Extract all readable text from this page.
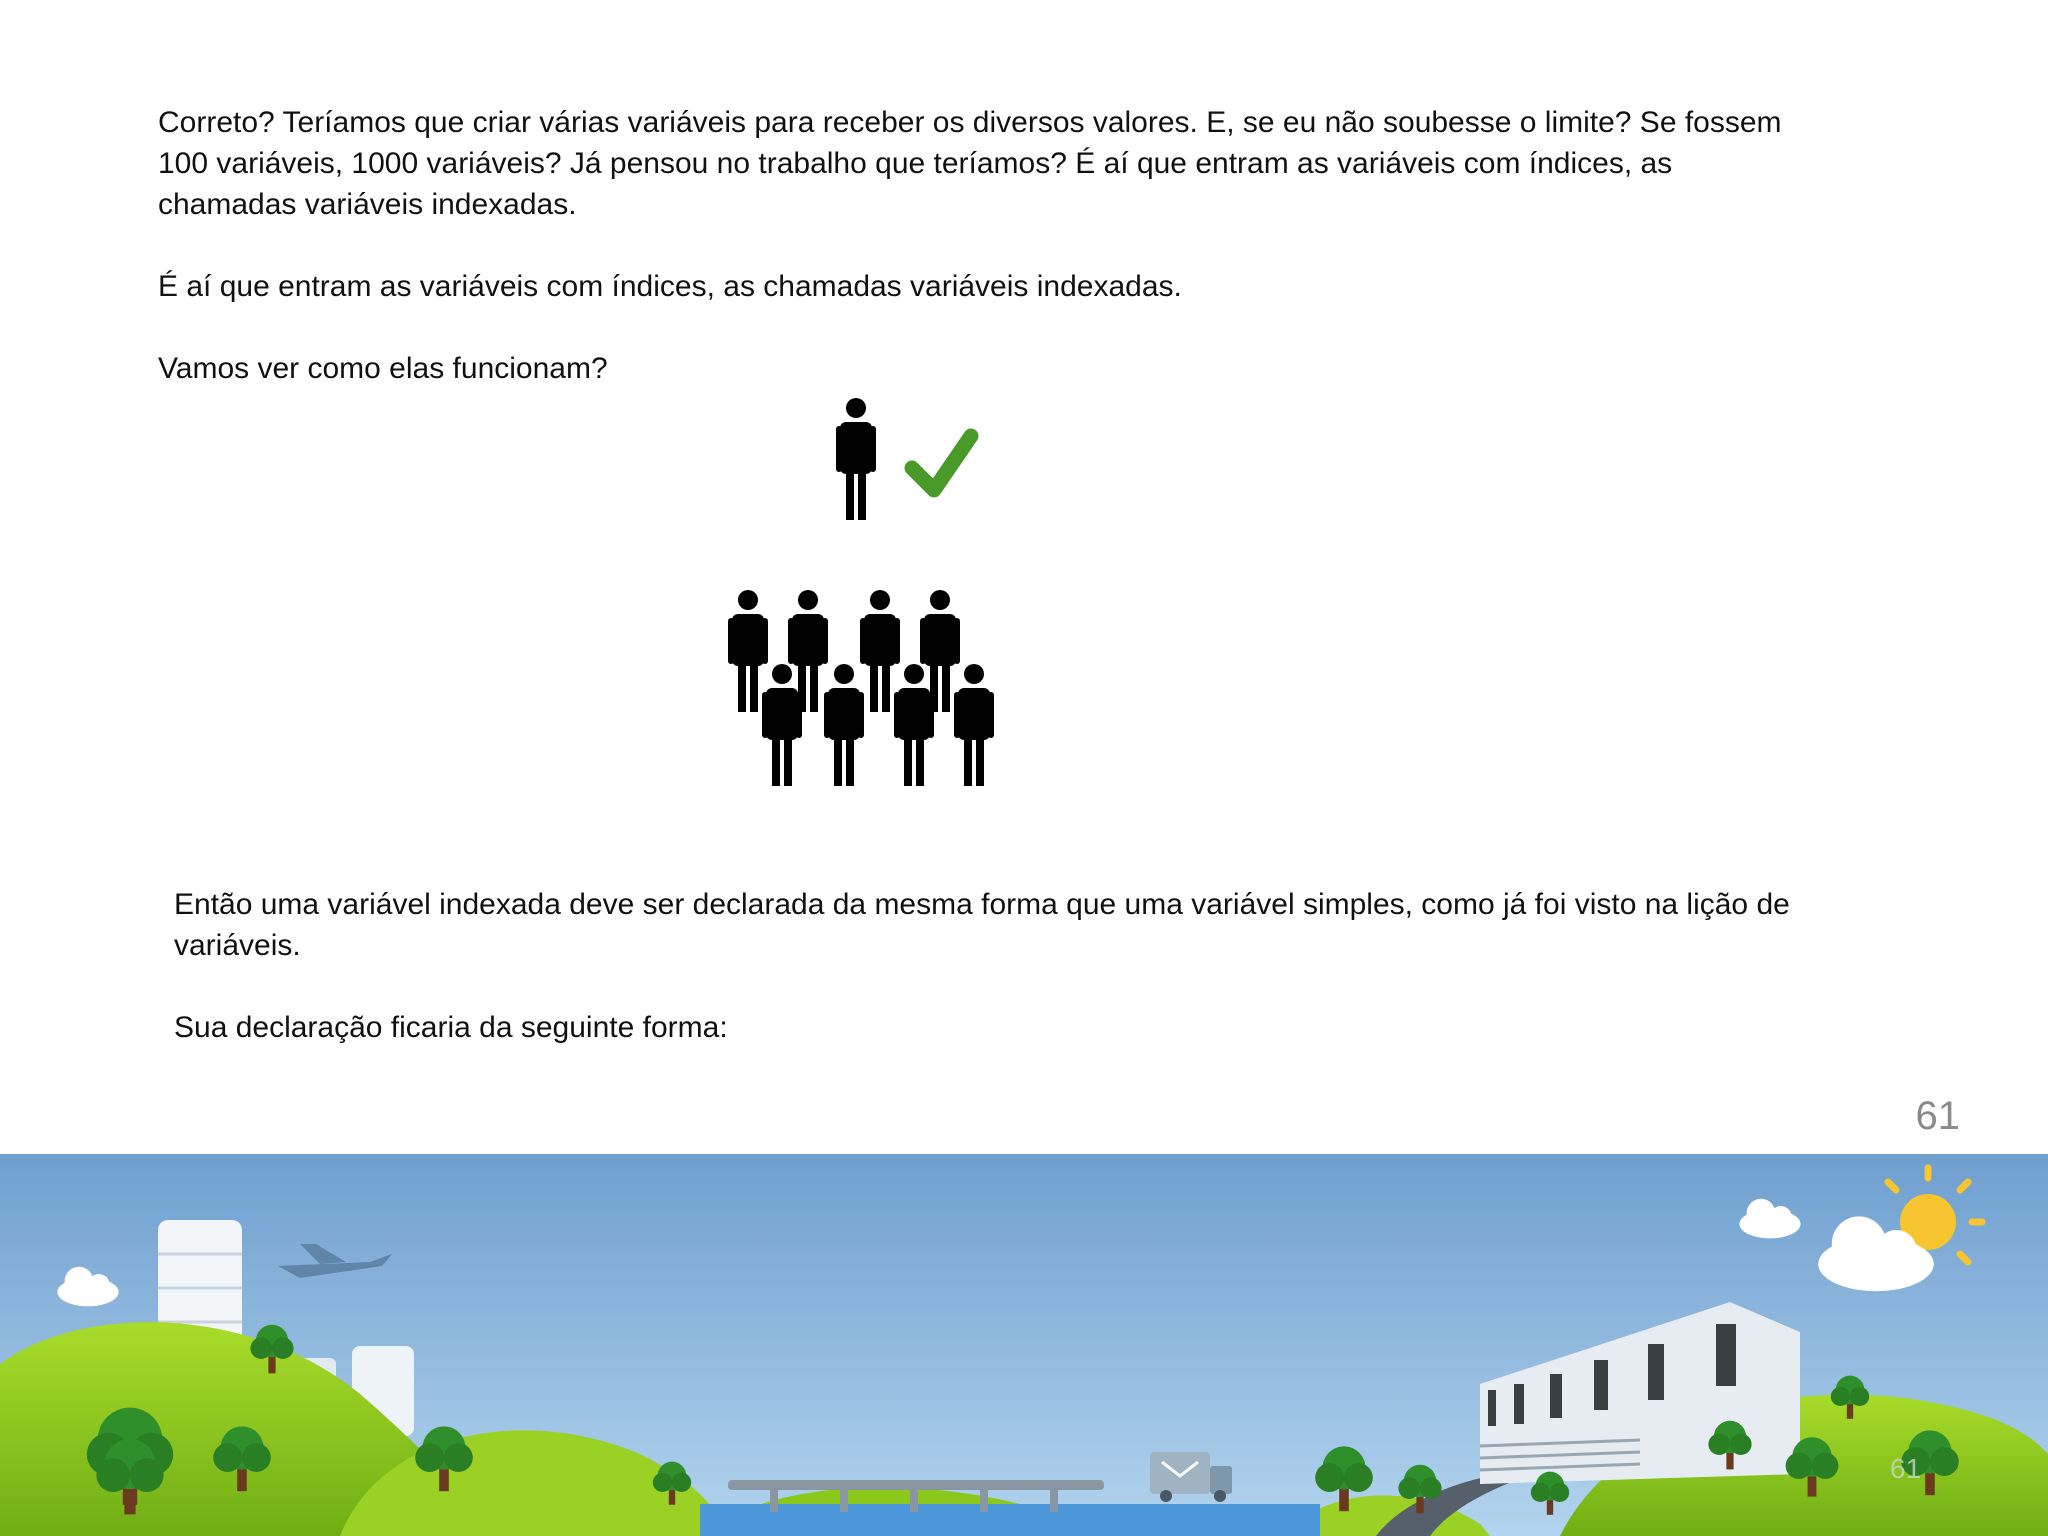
Correto? Teríamos que criar várias variáveis para receber os diversos valores. E, se eu não soubesse o limite? Se fossem
100 variáveis, 1000 variáveis? Já pensou no trabalho que teríamos? É aí que entram as variáveis com índices, as
chamadas variáveis indexadas.

É aí que entram as variáveis com índices, as chamadas variáveis indexadas.

Vamos ver como elas funcionam?

Então uma variável indexada deve ser declarada da mesma forma que uma variável simples, como já foi visto na lição de
variáveis.

Sua declaração ficaria da seguinte forma:

61
61
